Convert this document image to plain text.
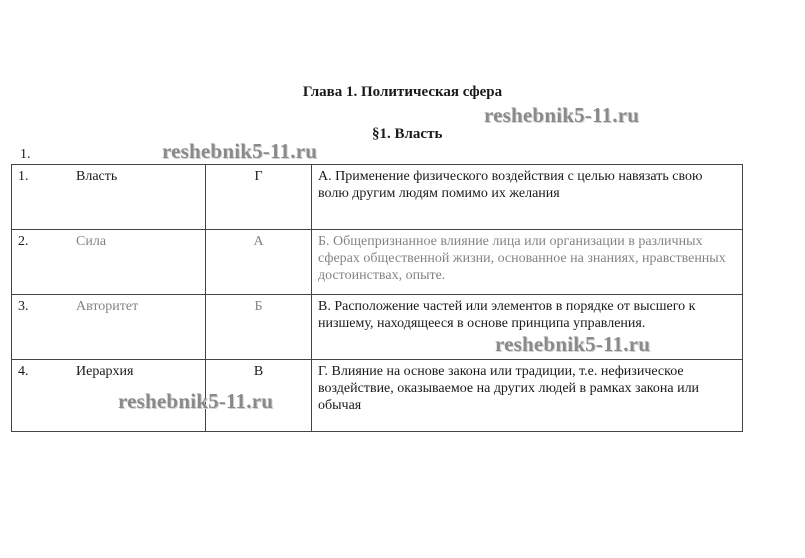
Глава 1. Политическая сфера
§1. Власть
1.
1. Власть	Г	А. Применение физического воздействия с целью навязать свою волю другим людям помимо их желания
2. Сила	А	Б. Общепризнанное влияние лица или организации в различных сферах общественной жизни, основанное на знаниях, нравственных достоинствах, опыте.
3. Авторитет	Б	В. Расположение частей или элементов в порядке от высшего к низшему, находящееся в основе принципа управления.
4. Иерархия	В	Г. Влияние на основе закона или традиции, т.е. нефизическое воздействие, оказываемое на других людей в рамках закона или обычая
reshebnik5-11.ru
reshebnik5-11.ru
reshebnik5-11.ru
reshebnik5-11.ru
